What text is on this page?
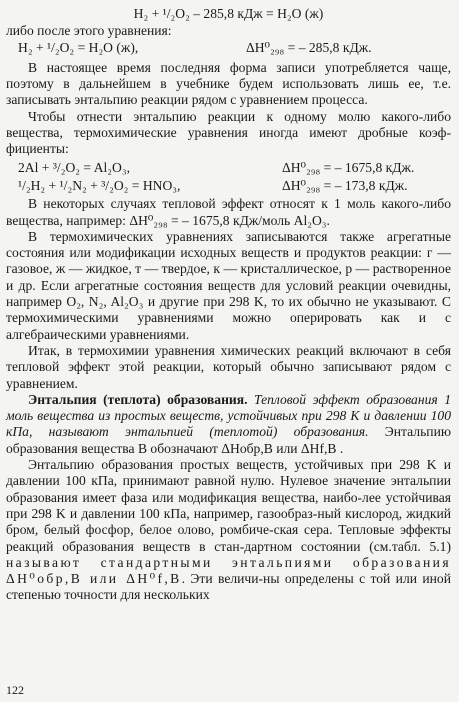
H₂ + ¹/₂O₂ – 285,8 кДж = H₂O (ж)

либо после этого уравнения:

H₂ + ¹/₂O₂ = H₂O (ж),	ΔH⁰₂₉₈ = – 285,8 кДж.

В настоящее время последняя форма записи употребляется чаще, поэтому в дальнейшем в учебнике будем использовать лишь ее, т.е. записывать энтальпию реакции рядом с уравнением процесса.

Чтобы отнести энтальпию реакции к одному молю какого-либо вещества, термохимические уравнения иногда имеют дробные коэф-фициенты:

2Al + ³/₂O₂ = Al₂O₃,	ΔH⁰₂₉₈ = – 1675,8 кДж.
¹/₂H₂ + ¹/₂N₂ + ³/₂O₂ = HNO₃,	ΔH⁰₂₉₈ = – 173,8 кДж.

В некоторых случаях тепловой эффект относят к 1 моль какого-либо вещества, например: ΔH⁰₂₉₈ = – 1675,8 кДж/моль Al₂O₃.

В термохимических уравнениях записываются также агрегатные состояния или модификации исходных веществ и продуктов реакции: г — газовое, ж — жидкое, т — твердое, к — кристаллическое, р — растворенное и др. Если агрегатные состояния веществ для условий реакции очевидны, например O₂, N₂, Al₂O₃ и другие при 298 K, то их обычно не указывают. С термохимическими уравнениями можно оперировать как и с алгебраическими уравнениями.

Итак, в термохимии уравнения химических реакций включают в себя тепловой эффект этой реакции, который обычно записывают рядом с уравнением.

Энтальпия (теплота) образования. Тепловой эффект образования 1 моль вещества из простых веществ, устойчивых при 298 K и давлении 100 кПа, называют энтальпией (теплотой) образования. Энтальпию образования вещества B обозначают ΔHобр,B или ΔHf,B .

Энтальпию образования простых веществ, устойчивых при 298 K и давлении 100 кПа, принимают равной нулю. Нулевое значение энтальпии образования имеет фаза или модификация вещества, наибо-лее устойчивая при 298 K и давлении 100 кПа, например, газообраз-ный кислород, жидкий бром, белый фосфор, белое олово, ромбиче-ская сера. Тепловые эффекты реакций образования веществ в стан-дартном состоянии (см.табл. 5.1) называют стандартными энтальпиями образования ΔH⁰обр,B или ΔH⁰f,B. Эти величи-ны определены с той или иной степенью точности для нескольких

122
